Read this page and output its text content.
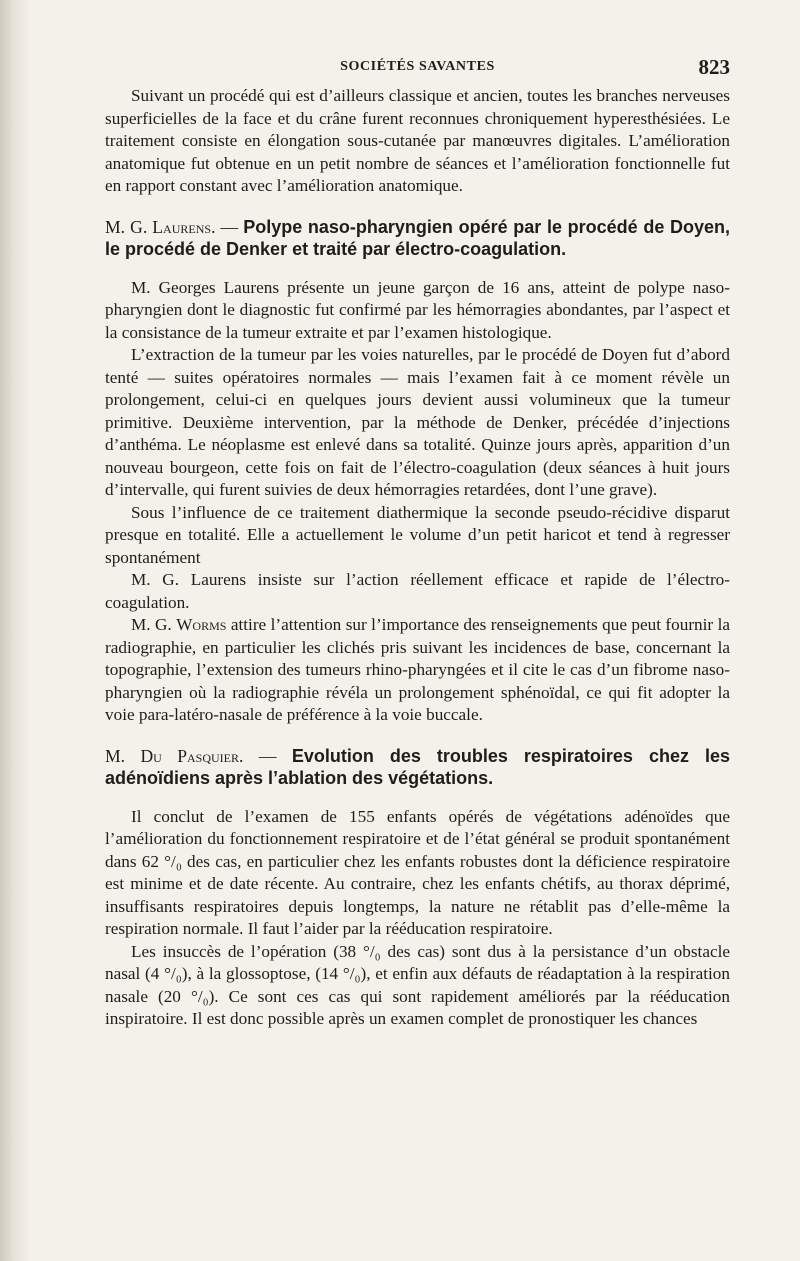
SOCIÉTÉS SAVANTES	823

Suivant un procédé qui est d’ailleurs classique et ancien, toutes les branches nerveuses superficielles de la face et du crâne furent reconnues chroniquement hyperesthésiées. Le traitement consiste en élongation sous-cutanée par manœuvres digitales. L’amélioration anatomique fut obtenue en un petit nombre de séances et l’amélioration fonctionnelle fut en rapport constant avec l’amélioration anatomique.

M. G. Laurens. — Polype naso-pharyngien opéré par le procédé de Doyen, le procédé de Denker et traité par électro-coagulation.

M. Georges Laurens présente un jeune garçon de 16 ans, atteint de polype naso-pharyngien dont le diagnostic fut confirmé par les hémorragies abondantes, par l’aspect et la consistance de la tumeur extraite et par l’examen histologique.

L’extraction de la tumeur par les voies naturelles, par le procédé de Doyen fut d’abord tenté — suites opératoires normales — mais l’examen fait à ce moment révèle un prolongement, celui-ci en quelques jours devient aussi volumineux que la tumeur primitive. Deuxième intervention, par la méthode de Denker, précédée d’injections d’anthéma. Le néoplasme est enlevé dans sa totalité. Quinze jours après, apparition d’un nouveau bourgeon, cette fois on fait de l’électro-coagulation (deux séances à huit jours d’intervalle, qui furent suivies de deux hémorragies retardées, dont l’une grave).

Sous l’influence de ce traitement diathermique la seconde pseudo-récidive disparut presque en totalité. Elle a actuellement le volume d’un petit haricot et tend à regresser spontanément

M. G. Laurens insiste sur l’action réellement efficace et rapide de l’électro-coagulation.

M. G. Worms attire l’attention sur l’importance des renseignements que peut fournir la radiographie, en particulier les clichés pris suivant les incidences de base, concernant la topographie, l’extension des tumeurs rhino-pharyngées et il cite le cas d’un fibrome naso-pharyngien où la radiographie révéla un prolongement sphénoïdal, ce qui fit adopter la voie para-latéro-nasale de préférence à la voie buccale.

M. Du Pasquier. — Evolution des troubles respiratoires chez les adénoïdiens après l’ablation des végétations.

Il conclut de l’examen de 155 enfants opérés de végétations adénoïdes que l’amélioration du fonctionnement respiratoire et de l’état général se produit spontanément dans 62 °/₀ des cas, en particulier chez les enfants robustes dont la déficience respiratoire est minime et de date récente. Au contraire, chez les enfants chétifs, au thorax déprimé, insuffisants respiratoires depuis longtemps, la nature ne rétablit pas d’elle-même la respiration normale. Il faut l’aider par la rééducation respiratoire.

Les insuccès de l’opération (38 °/₀ des cas) sont dus à la persistance d’un obstacle nasal (4 °/₀), à la glossoptose, (14 °/₀), et enfin aux défauts de réadaptation à la respiration nasale (20 °/₀). Ce sont ces cas qui sont rapidement améliorés par la rééducation inspiratoire. Il est donc possible après un examen complet de pronostiquer les chances
